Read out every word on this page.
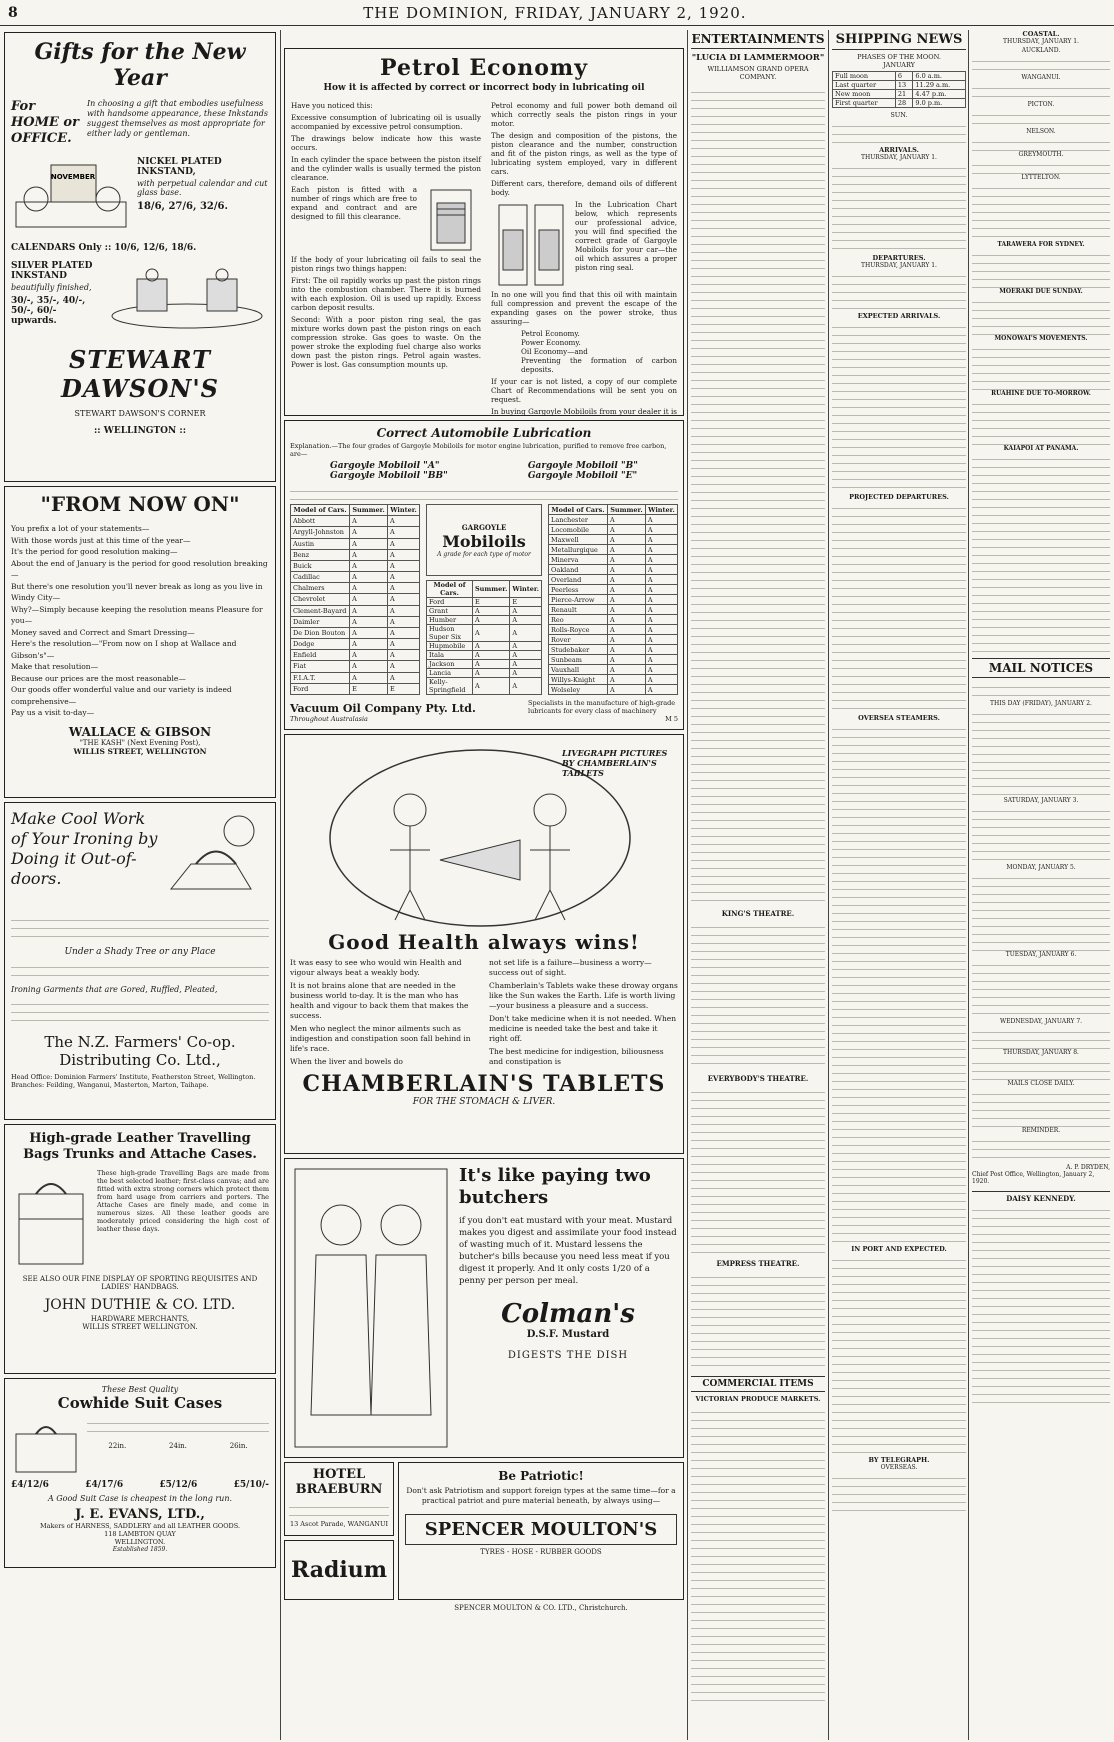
8	THE DOMINION, FRIDAY, JANUARY 2, 1920.
Gifts for the New Year
For HOME or OFFICE.
In choosing a gift that embodies usefulness with handsome appearance, these Inkstands suggest themselves as most appropriate for either lady or gentleman.
NOVEMBER
NICKEL PLATED INKSTAND,
with perpetual calendar and cut glass base.
18/6, 27/6, 32/6.
CALENDARS Only :: 10/6, 12/6, 18/6.
SILVER PLATED INKSTAND
beautifully finished,
30/-, 35/-, 40/-, 50/-, 60/- upwards.
STEWART DAWSON'S
STEWART DAWSON'S CORNER
:: WELLINGTON ::
"FROM NOW ON"
You prefix a lot of your statements—
With those words just at this time of the year—
It's the period for good resolution making—
About the end of January is the period for good resolution breaking—
But there's one resolution you'll never break as long as you live in Windy City—
Why?—Simply because keeping the resolution means Pleasure for you—
Money saved and Correct and Smart Dressing—
Here's the resolution—"From now on I shop at Wallace and Gibson's"—
Make that resolution—
Because our prices are the most reasonable—
Our goods offer wonderful value and our variety is indeed comprehensive—
Pay us a visit to-day—
WALLACE & GIBSON
"THE KASH" (Next Evening Post),
WILLIS STREET, WELLINGTON
Make Cool Work of Your Ironing by Doing it Out-of-doors.
Under a Shady Tree or any Place
Ironing Garments that are Gored, Ruffled, Pleated,
The N.Z. Farmers' Co-op. Distributing Co. Ltd.,
Head Office: Dominion Farmers' Institute, Featherston Street, Wellington.
Branches: Feilding, Wanganui, Masterton, Marton, Taihape.
High-grade Leather Travelling Bags Trunks and Attache Cases.
These high-grade Travelling Bags are made from the best selected leather; first-class canvas; and are fitted with extra strong corners which protect them from hard usage from carriers and porters. The Attache Cases are finely made, and come in numerous sizes. All these leather goods are moderately priced considering the high cost of leather these days.
SEE ALSO OUR FINE DISPLAY OF SPORTING REQUISITES AND LADIES' HANDBAGS.
JOHN DUTHIE & CO. LTD.
HARDWARE MERCHANTS,
WILLIS STREET WELLINGTON.
These Best Quality
Cowhide Suit Cases
22in.	24in.	26in.
£4/12/6	£4/17/6	£5/12/6	£5/10/-
A Good Suit Case is cheapest in the long run.
J. E. EVANS, LTD.,
Makers of HARNESS, SADDLERY and all LEATHER GOODS.
118 LAMBTON QUAY
WELLINGTON.
Established 1859.
Petrol Economy
How it is affected by correct or incorrect body in lubricating oil

Have you noticed this:

Excessive consumption of lubricating oil is usually accompanied by excessive petrol consumption.

The drawings below indicate how this waste occurs.

In each cylinder the space between the piston itself and the cylinder walls is usually termed the piston clearance.

Each piston is fitted with a number of rings which are free to expand and contract and are designed to fill this clearance.

If the body of your lubricating oil fails to seal the piston rings two things happen:

First: The oil rapidly works up past the piston rings into the combustion chamber. There it is burned with each explosion. Oil is used up rapidly. Excess carbon deposit results.

Second: With a poor piston ring seal, the gas mixture works down past the piston rings on each compression stroke. Gas goes to waste. On the power stroke the exploding fuel charge also works down past the piston rings. Petrol again wastes. Power is lost. Gas consumption mounts up.

Petrol economy and full power both demand oil which correctly seals the piston rings in your motor.

The design and composition of the pistons, the piston clearance and the number, construction and fit of the piston rings, as well as the type of lubricating system employed, vary in different cars.

Different cars, therefore, demand oils of different body.

In the Lubrication Chart below, which represents our professional advice, you will find specified the correct grade of Gargoyle Mobiloils for your car—the oil which assures a proper piston ring seal.

In no one will you find that this oil with maintain full compression and prevent the escape of the expanding gases on the power stroke, thus assuring—

Petrol Economy.
Power Economy.
Oil Economy—and
Preventing the formation of carbon deposits.

If your car is not listed, a copy of our complete Chart of Recommendations will be sent you on request.

In buying Gargoyle Mobiloils from your dealer it is

Correct Automobile Lubrication
Explanation.—The four grades of Gargoyle Mobiloils for motor engine lubrication, purified to remove free carbon, are—
Gargoyle Mobiloil "A"
Gargoyle Mobiloil "BB"
Gargoyle Mobiloil "B"
Gargoyle Mobiloil "E"
Model of Cars.	Summer.	Winter.
Abbott	A	A
Argyll-Johnston	A	A
Austin	A	A
Benz	A	A
Buick	A	A
Cadillac	A	A
Chalmers	A	A
Chevrolet	A	A
Clement-Bayard	A	A
Daimler	A	A
De Dion Bouton	A	A
Dodge	A	A
Enfield	A	A
Fiat	A	A
F.I.A.T.	A	A
Ford	E	E
GARGOYLE
Mobiloils
A grade for each type of motor
Model of Cars.	Summer.	Winter.
Ford	E	E
Grant	A	A
Humber	A	A
Hudson Super Six	A	A
Hupmobile	A	A
Itala	A	A
Jackson	A	A
Lancia	A	A
Kelly-Springfield	A	A
Model of Cars.	Summer.	Winter.
Lanchester	A	A
Locomobile	A	A
Maxwell	A	A
Metallurgique	A	A
Minerva	A	A
Oakland	A	A
Overland	A	A
Peerless	A	A
Pierce-Arrow	A	A
Renault	A	A
Reo	A	A
Rolls-Royce	A	A
Rover	A	A
Studebaker	A	A
Sunbeam	A	A
Vauxhall	A	A
Willys-Knight	A	A
Wolseley	A	A
Vacuum Oil Company Pty. Ltd.	Specialists in the manufacture of high-grade lubricants for every class of machinery
Throughout Australasia	M 5
LIVEGRAPH PICTURES BY CHAMBERLAIN'S TABLETS
Good Health always wins!

It was easy to see who would win Health and vigour always beat a weakly body.

It is not brains alone that are needed in the business world to-day. It is the man who has health and vigour to back them that makes the success.

Men who neglect the minor ailments such as indigestion and constipation soon fall behind in life's race.

When the liver and bowels do

not set life is a failure—business a worry—success out of sight.

Chamberlain's Tablets wake these droway organs like the Sun wakes the Earth. Life is worth living—your business a pleasure and a success.

Don't take medicine when it is not needed. When medicine is needed take the best and take it right off.

The best medicine for indigestion, biliousness and constipation is

CHAMBERLAIN'S TABLETS
FOR THE STOMACH & LIVER.
It's like paying two butchers
if you don't eat mustard with your meat. Mustard makes you digest and assimilate your food instead of wasting much of it. Mustard lessens the butcher's bills because you need less meat if you digest it properly. And it only costs 1/20 of a penny per person per meal.
Colman's
D.S.F. Mustard
DIGESTS THE DISH
HOTEL BRAEBURN
13 Ascot Parade, WANGANUI
Radium
Be Patriotic!
Don't ask Patriotism and support foreign types at the same time—for a practical patriot and pure material beneath, by always using—
SPENCER MOULTON'S
TYRES - HOSE - RUBBER GOODS
SPENCER MOULTON & CO. LTD., Christchurch.
ENTERTAINMENTS
"LUCIA DI LAMMERMOOR"
WILLIAMSON GRAND OPERA COMPANY.
KING'S THEATRE.
EVERYBODY'S THEATRE.
EMPRESS THEATRE.
COMMERCIAL ITEMS
VICTORIAN PRODUCE MARKETS.
SHIPPING NEWS
PHASES OF THE MOON.
JANUARY
Full moon	6	6.0 a.m.
Last quarter	13	11.29 a.m.
New moon	21	4.47 p.m.
First quarter	28	9.0 p.m.
SUN.
ARRIVALS.
THURSDAY, JANUARY 1.
DEPARTURES.
THURSDAY, JANUARY 1.
EXPECTED ARRIVALS.
PROJECTED DEPARTURES.
OVERSEA STEAMERS.
IN PORT AND EXPECTED.
BY TELEGRAPH.
OVERSEAS.
COASTAL.
THURSDAY, JANUARY 1.
AUCKLAND.
WANGANUI.
PICTON.
NELSON.
GREYMOUTH.
LYTTELTON.
TARAWERA FOR SYDNEY.
MOERAKI DUE SUNDAY.
MONOWAI'S MOVEMENTS.
RUAHINE DUE TO-MORROW.
KAIAPOI AT PANAMA.
MAIL NOTICES
THIS DAY (FRIDAY), JANUARY 2.
SATURDAY, JANUARY 3.
MONDAY, JANUARY 5.
TUESDAY, JANUARY 6.
WEDNESDAY, JANUARY 7.
THURSDAY, JANUARY 8.
MAILS CLOSE DAILY.
REMINDER.
A. P. DRYDEN,
Chief Post Office, Wellington, January 2, 1920.
DAISY KENNEDY.
